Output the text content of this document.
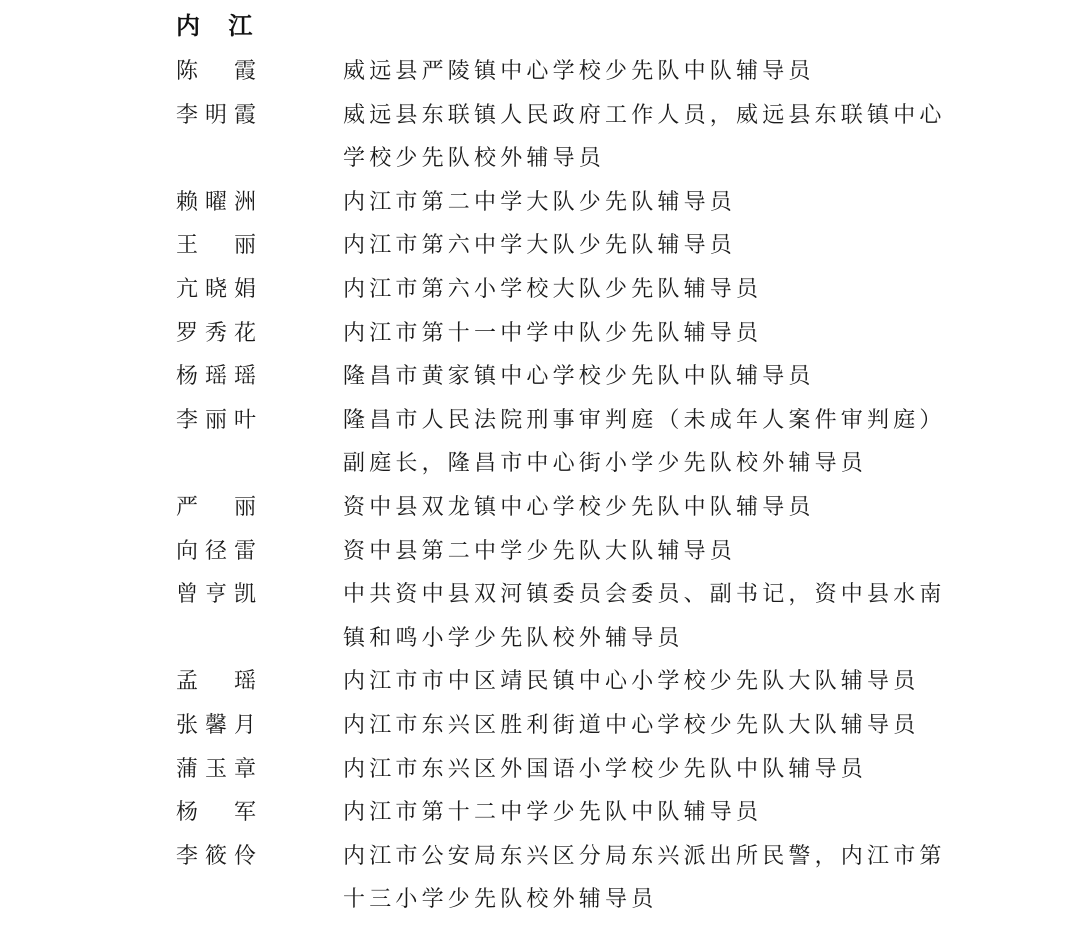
内 江
陈 霞	威远县严陵镇中心学校少先队中队辅导员
李明霞	威远县东联镇人民政府工作人员，威远县东联镇中心学校少先队校外辅导员
赖曜洲	内江市第二中学大队少先队辅导员
王 丽	内江市第六中学大队少先队辅导员
亢晓娟	内江市第六小学校大队少先队辅导员
罗秀花	内江市第十一中学中队少先队辅导员
杨瑶瑶	隆昌市黄家镇中心学校少先队中队辅导员
李丽叶	隆昌市人民法院刑事审判庭（未成年人案件审判庭）副庭长，隆昌市中心街小学少先队校外辅导员
严 丽	资中县双龙镇中心学校少先队中队辅导员
向径雷	资中县第二中学少先队大队辅导员
曾亨凯	中共资中县双河镇委员会委员、副书记，资中县水南镇和鸣小学少先队校外辅导员
孟 瑶	内江市市中区靖民镇中心小学校少先队大队辅导员
张馨月	内江市东兴区胜利街道中心学校少先队大队辅导员
蒲玉章	内江市东兴区外国语小学校少先队中队辅导员
杨 军	内江市第十二中学少先队中队辅导员
李筱伶	内江市公安局东兴区分局东兴派出所民警，内江市第十三小学少先队校外辅导员
